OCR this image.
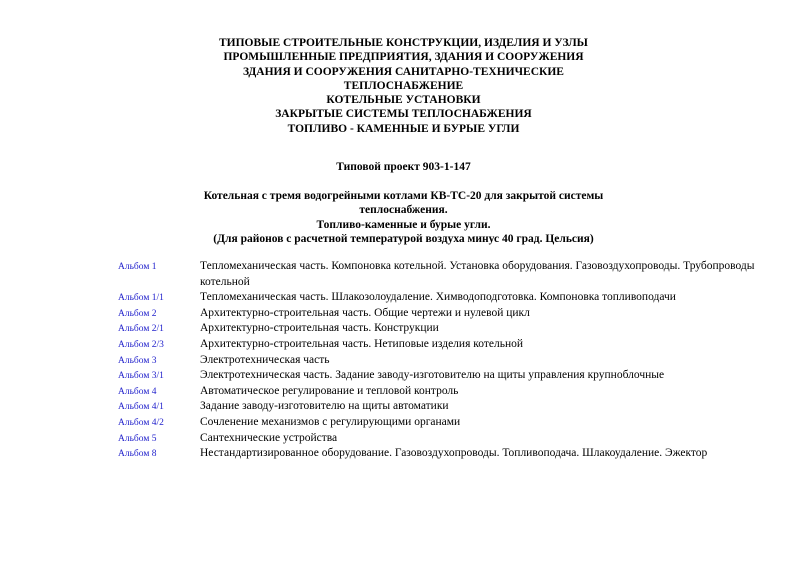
ТИПОВЫЕ СТРОИТЕЛЬНЫЕ КОНСТРУКЦИИ, ИЗДЕЛИЯ И УЗЛЫ
ПРОМЫШЛЕННЫЕ ПРЕДПРИЯТИЯ, ЗДАНИЯ И СООРУЖЕНИЯ
ЗДАНИЯ И СООРУЖЕНИЯ САНИТАРНО-ТЕХНИЧЕСКИЕ
ТЕПЛОСНАБЖЕНИЕ
КОТЕЛЬНЫЕ УСТАНОВКИ
ЗАКРЫТЫЕ СИСТЕМЫ ТЕПЛОСНАБЖЕНИЯ
ТОПЛИВО - КАМЕННЫЕ И БУРЫЕ УГЛИ
Типовой проект 903-1-147
Котельная с тремя водогрейными котлами КВ-ТС-20 для закрытой системы
теплоснабжения.
Топливо-каменные и бурые угли.
(Для районов с расчетной температурой воздуха минус 40 град. Цельсия)
Альбом 1	Тепломеханическая часть. Компоновка котельной. Установка оборудования. Газовоздухопроводы. Трубопроводы котельной
Альбом 1/1	Тепломеханическая часть. Шлакозолоудаление. Химводоподготовка. Компоновка топливоподачи
Альбом 2	Архитектурно-строительная часть. Общие чертежи и нулевой цикл
Альбом 2/1	Архитектурно-строительная часть. Конструкции
Альбом 2/3	Архитектурно-строительная часть. Нетиповые изделия котельной
Альбом 3	Электротехническая часть
Альбом 3/1	Электротехническая часть. Задание заводу-изготовителю на щиты управления крупноблочные
Альбом 4	Автоматическое регулирование и тепловой контроль
Альбом 4/1	Задание заводу-изготовителю на щиты автоматики
Альбом 4/2	Сочленение механизмов с регулирующими органами
Альбом 5	Сантехнические устройства
Альбом 8	Нестандартизированное оборудование. Газовоздухопроводы. Топливоподача. Шлакоудаление. Эжектор
